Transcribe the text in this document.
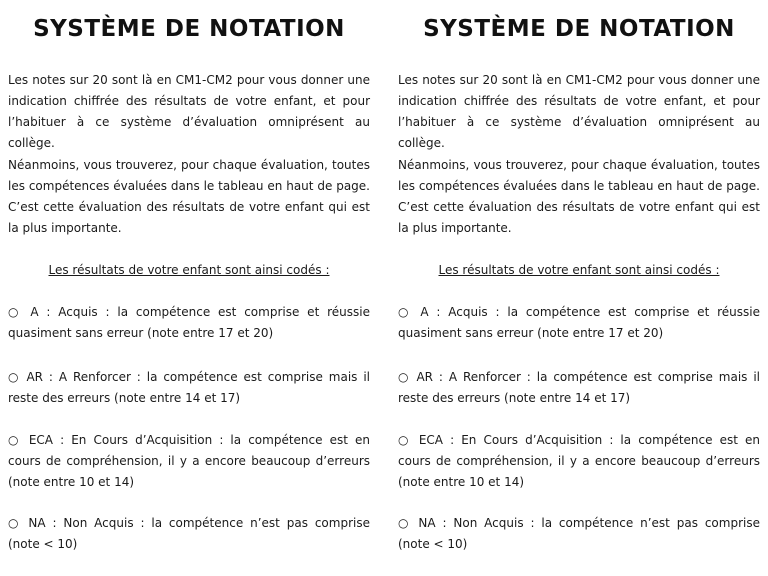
SYSTÈME DE NOTATION

Les notes sur 20 sont là en CM1-CM2 pour vous donner une indication chiffrée des résultats de votre enfant, et pour l’habituer à ce système d’évaluation omniprésent au collège.

Néanmoins, vous trouverez, pour chaque évaluation, toutes les compétences évaluées dans le tableau en haut de page. C’est cette évaluation des résultats de votre enfant qui est la plus importante.

Les résultats de votre enfant sont ainsi codés :

○ A : Acquis : la compétence est comprise et réussie quasiment sans erreur (note entre 17 et 20)

○ AR : A Renforcer : la compétence est comprise mais il reste des erreurs (note entre 14 et 17)

○ ECA : En Cours d’Acquisition : la compétence est en cours de compréhension, il y a encore beaucoup d’erreurs (note entre 10 et 14)

○ NA : Non Acquis : la compétence n’est pas comprise (note < 10)

SYSTÈME DE NOTATION

Les notes sur 20 sont là en CM1-CM2 pour vous donner une indication chiffrée des résultats de votre enfant, et pour l’habituer à ce système d’évaluation omniprésent au collège.

Néanmoins, vous trouverez, pour chaque évaluation, toutes les compétences évaluées dans le tableau en haut de page. C’est cette évaluation des résultats de votre enfant qui est la plus importante.

Les résultats de votre enfant sont ainsi codés :

○ A : Acquis : la compétence est comprise et réussie quasiment sans erreur (note entre 17 et 20)

○ AR : A Renforcer : la compétence est comprise mais il reste des erreurs (note entre 14 et 17)

○ ECA : En Cours d’Acquisition : la compétence est en cours de compréhension, il y a encore beaucoup d’erreurs (note entre 10 et 14)

○ NA : Non Acquis : la compétence n’est pas comprise (note < 10)
